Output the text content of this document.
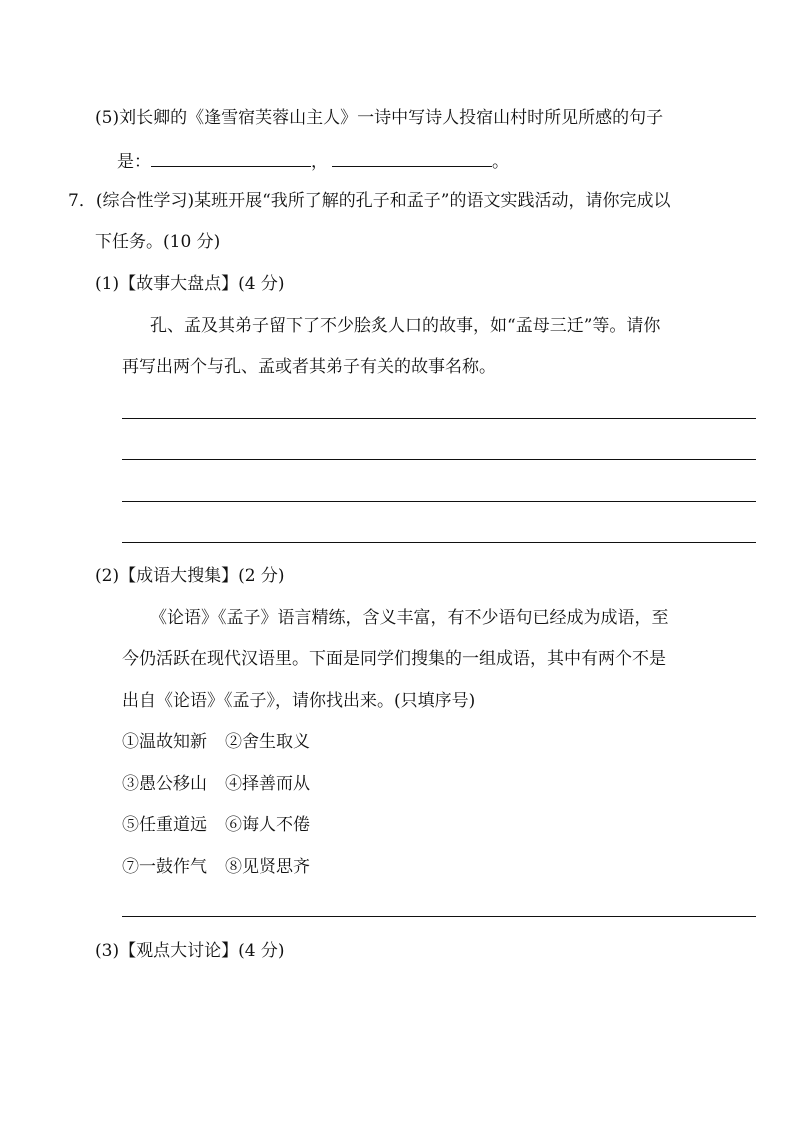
(5)刘长卿的《逢雪宿芙蓉山主人》一诗中写诗人投宿山村时所见所感的句子
是：	，	。
7．(综合性学习)某班开展“我所了解的孔子和孟子”的语文实践活动，请你完成以
下任务。(10 分)
(1)【故事大盘点】(4 分)
孔、孟及其弟子留下了不少脍炙人口的故事，如“孟母三迁”等。请你
再写出两个与孔、孟或者其弟子有关的故事名称。
(2)【成语大搜集】(2 分)
《论语》《孟子》语言精练，含义丰富，有不少语句已经成为成语，至
今仍活跃在现代汉语里。下面是同学们搜集的一组成语，其中有两个不是
出自《论语》《孟子》，请你找出来。(只填序号)
①温故知新 ②舍生取义
③愚公移山 ④择善而从
⑤任重道远 ⑥诲人不倦
⑦一鼓作气 ⑧见贤思齐
(3)【观点大讨论】(4 分)
